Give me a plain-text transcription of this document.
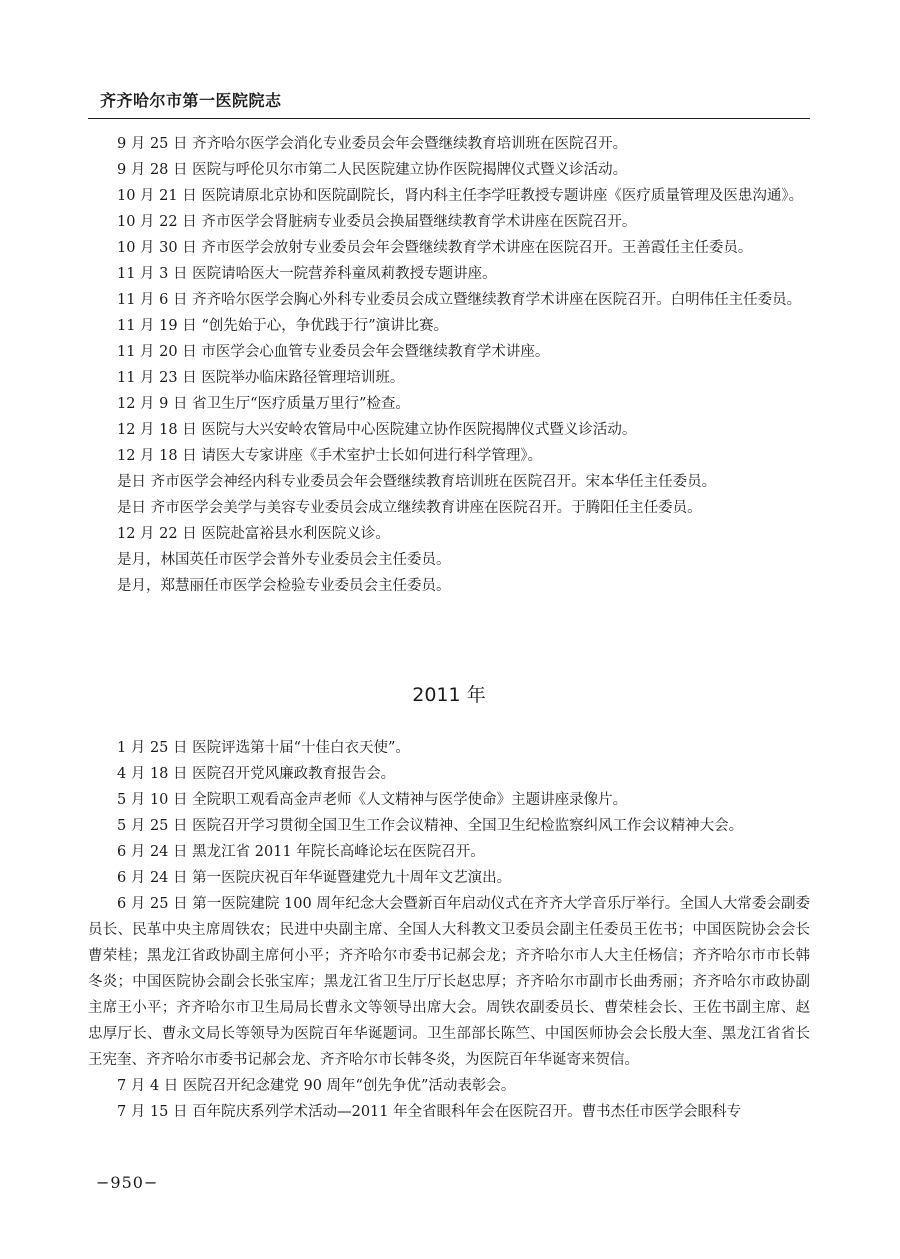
齐齐哈尔市第一医院院志

9 月 25 日 齐齐哈尔医学会消化专业委员会年会暨继续教育培训班在医院召开。

9 月 28 日 医院与呼伦贝尔市第二人民医院建立协作医院揭牌仪式暨义诊活动。

10 月 21 日 医院请原北京协和医院副院长，肾内科主任李学旺教授专题讲座《医疗质量管理及医患沟通》。

10 月 22 日 齐市医学会肾脏病专业委员会换届暨继续教育学术讲座在医院召开。

10 月 30 日 齐市医学会放射专业委员会年会暨继续教育学术讲座在医院召开。王善霞任主任委员。

11 月 3 日 医院请哈医大一院营养科童凤莉教授专题讲座。

11 月 6 日 齐齐哈尔医学会胸心外科专业委员会成立暨继续教育学术讲座在医院召开。白明伟任主任委员。

11 月 19 日 “创先始于心，争优践于行”演讲比赛。

11 月 20 日 市医学会心血管专业委员会年会暨继续教育学术讲座。

11 月 23 日 医院举办临床路径管理培训班。

12 月 9 日 省卫生厅“医疗质量万里行”检查。

12 月 18 日 医院与大兴安岭农管局中心医院建立协作医院揭牌仪式暨义诊活动。

12 月 18 日 请医大专家讲座《手术室护士长如何进行科学管理》。

是日 齐市医学会神经内科专业委员会年会暨继续教育培训班在医院召开。宋本华任主任委员。

是日 齐市医学会美学与美容专业委员会成立继续教育讲座在医院召开。于腾阳任主任委员。

12 月 22 日 医院赴富裕县水利医院义诊。

是月，林国英任市医学会普外专业委员会主任委员。

是月，郑慧丽任市医学会检验专业委员会主任委员。

2011 年

1 月 25 日 医院评选第十届“十佳白衣天使”。

4 月 18 日 医院召开党风廉政教育报告会。

5 月 10 日 全院职工观看高金声老师《人文精神与医学使命》主题讲座录像片。

5 月 25 日 医院召开学习贯彻全国卫生工作会议精神、全国卫生纪检监察纠风工作会议精神大会。

6 月 24 日 黑龙江省 2011 年院长高峰论坛在医院召开。

6 月 24 日 第一医院庆祝百年华诞暨建党九十周年文艺演出。

6 月 25 日 第一医院建院 100 周年纪念大会暨新百年启动仪式在齐齐大学音乐厅举行。全国人大常委会副委员长、民革中央主席周铁农；民进中央副主席、全国人大科教文卫委员会副主任委员王佐书；中国医院协会会长曹荣桂；黑龙江省政协副主席何小平；齐齐哈尔市委书记郝会龙；齐齐哈尔市人大主任杨信；齐齐哈尔市市长韩冬炎；中国医院协会副会长张宝库；黑龙江省卫生厅厅长赵忠厚；齐齐哈尔市副市长曲秀丽；齐齐哈尔市政协副主席王小平；齐齐哈尔市卫生局局长曹永文等领导出席大会。周铁农副委员长、曹荣桂会长、王佐书副主席、赵忠厚厅长、曹永文局长等领导为医院百年华诞题词。卫生部部长陈竺、中国医师协会会长殷大奎、黑龙江省省长王宪奎、齐齐哈尔市委书记郝会龙、齐齐哈尔市长韩冬炎，为医院百年华诞寄来贺信。

7 月 4 日 医院召开纪念建党 90 周年“创先争优”活动表彰会。

7 月 15 日 百年院庆系列学术活动—2011 年全省眼科年会在医院召开。曹书杰任市医学会眼科专

−950−
